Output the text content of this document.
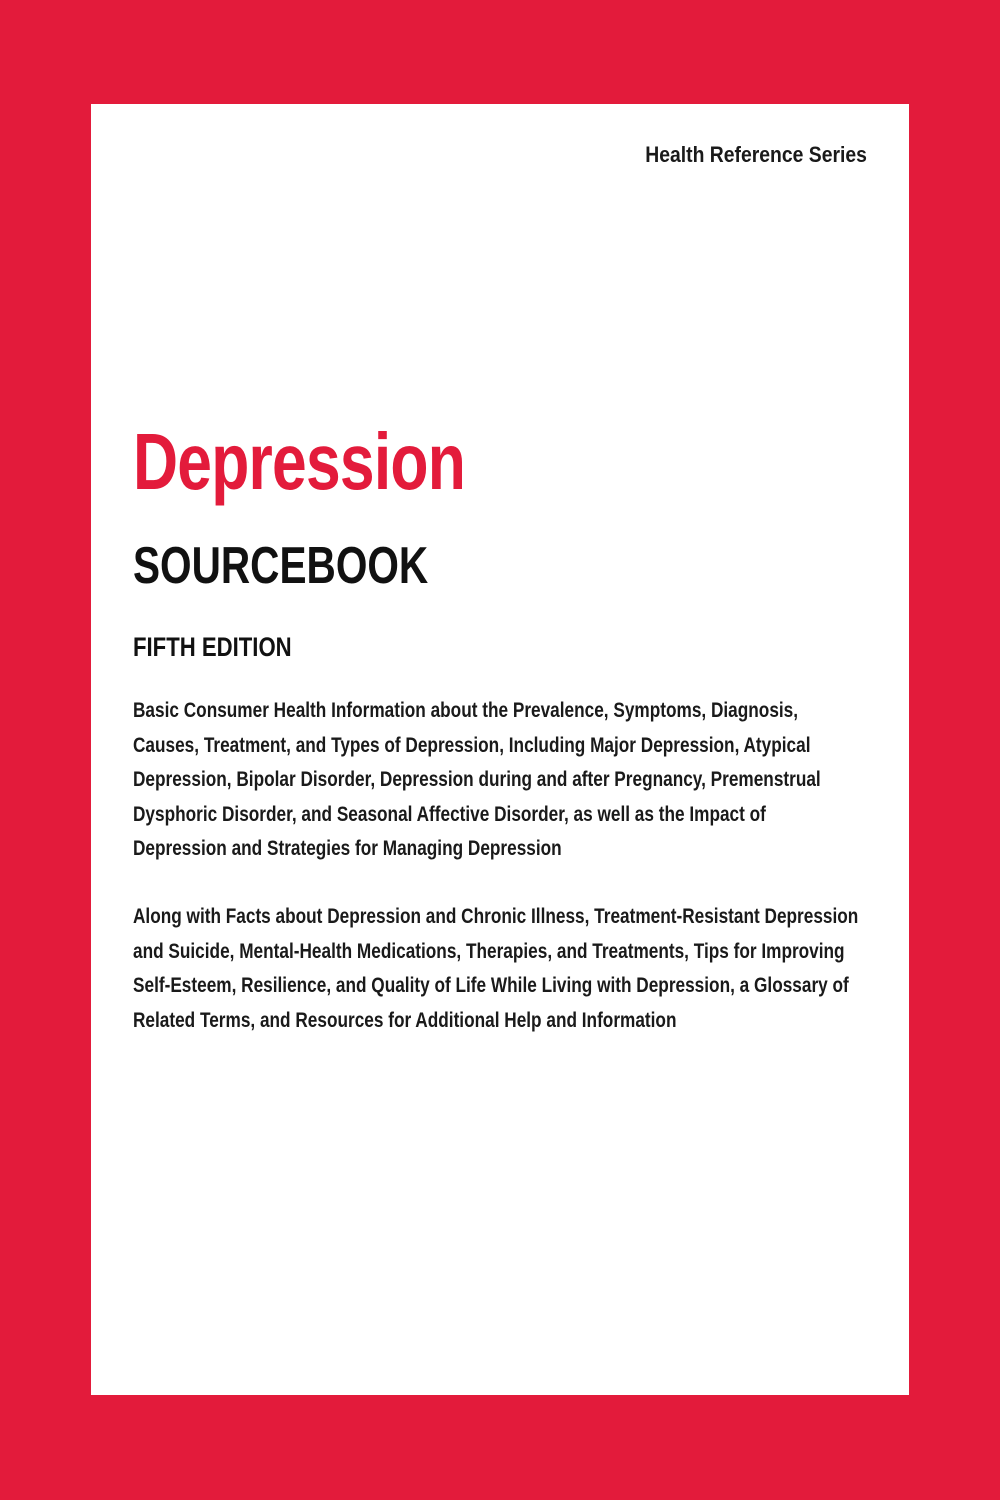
Health Reference Series
Depression
SOURCEBOOK
FIFTH EDITION
Basic Consumer Health Information about the Prevalence, Symptoms, Diagnosis, Causes, Treatment, and Types of Depression, Including Major Depression, Atypical Depression, Bipolar Disorder, Depression during and after Pregnancy, Premenstrual Dysphoric Disorder, and Seasonal Affective Disorder, as well as the Impact of Depression and Strategies for Managing Depression
Along with Facts about Depression and Chronic Illness, Treatment-Resistant Depression and Suicide, Mental-Health Medications, Therapies, and Treatments, Tips for Improving Self-Esteem, Resilience, and Quality of Life While Living with Depression, a Glossary of Related Terms, and Resources for Additional Help and Information
